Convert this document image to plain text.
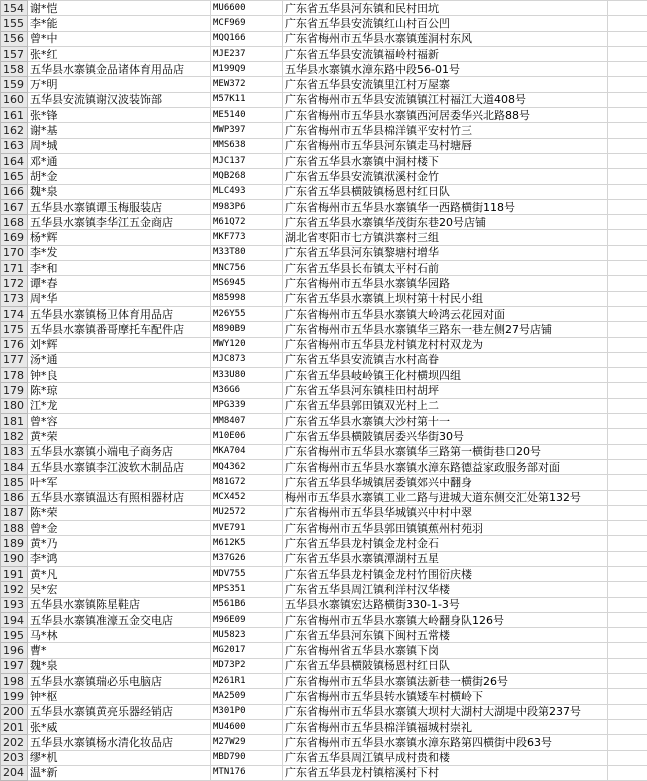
154	谢*恺	MU6600	广东省五华县河东镇和民村田坑	
155	李*能	MCF969	广东省五华县安流镇红山村百公凹	
156	曾*中	MQQ166	广东省梅州市五华县水寨镇莲洞村东风	
157	张*红	MJE237	广东省五华县安流镇福岭村福新	
158	五华县水寨镇金品诸体育用品店	M199Q9	五华县水寨镇水漳东路中段56-01号	
159	万*明	MEW372	广东省五华县安流镇里江村万屋寨	
160	五华县安流镇谢汉波装饰部	M57K11	广东省梅州市五华县安流镇镇江村福江大道408号	
161	张*锋	ME5140	广东省梅州市五华县水寨镇西河居委华兴北路88号	
162	谢*基	MWP397	广东省梅州市五华县棉洋镇平安村竹三	
163	周*城	MMS638	广东省梅州市五华县河东镇走马村塘唇	
164	邓*通	MJC137	广东省五华县水寨镇中洞村楼下	
165	胡*金	MQB268	广东省五华县安流镇洑溪村金竹	
166	魏*泉	MLC493	广东省五华县横陂镇杨恩村红日队	
167	五华县水寨镇谭玉梅服装店	M983P6	广东省梅州市五华县水寨镇华一西路横街118号	
168	五华县水寨镇李华江五金商店	M61Q72	广东省五华县水寨镇华茂街东巷20号店铺	
169	杨*辉	MKF773	湖北省枣阳市七方镇洪寨村三组	
170	李*发	M33T80	广东省五华县河东镇黎塘村增华	
171	李*和	MNC756	广东省五华县长布镇太平村石前	
172	谭*春	MS6945	广东省梅州市五华县水寨镇华园路	
173	周*华	M85998	广东省五华县水寨镇上坝村第十村民小组	
174	五华县水寨镇杨卫体育用品店	M26Y55	广东省梅州市五华县水寨镇大岭鸿云花园对面	
175	五华县水寨镇番哥摩托车配件店	M890B9	广东省梅州市五华县水寨镇华三路东一巷左侧27号店铺	
176	刘*辉	MWY120	广东省梅州市五华县龙村镇龙村村双龙为	
177	汤*通	MJC873	广东省五华县安流镇吉水村高眷	
178	钟*良	M33U80	广东省五华县岐岭镇王化村横坝四组	
179	陈*琼	M36G6	广东省五华县河东镇桂田村胡坪	
180	江*龙	MPG339	广东省五华县郭田镇双光村上二	
181	曾*容	MM8407	广东省五华县水寨镇大沙村第十一	
182	黄*荣	M10E06	广东省五华县横陂镇居委兴华街30号	
183	五华县水寨镇小端电子商务店	MKA704	广东省梅州市五华县水寨镇华三路第一横街巷口20号	
184	五华县水寨镇李江波软木制品店	MQ4362	广东省梅州市五华县水寨镇水漳东路德益家政服务部对面	
185	叶*军	M81G72	广东省五华县华城镇居委镇郊兴中翻身	
186	五华县水寨镇温达有照相器材店	MCX452	梅州市五华县水寨镇工业二路与进城大道东侧交汇处第132号	
187	陈*荣	MU2572	广东省梅州市五华县华城镇兴中村中翠	
188	曾*金	MVE791	广东省梅州市五华县郭田镇镇蕉州村苑羽	
189	黄*乃	M612K5	广东省五华县龙村镇金龙村金石	
190	李*鸿	M37G26	广东省五华县水寨镇潭湖村五星	
191	黄*凡	MDV755	广东省五华县龙村镇金龙村竹围衍庆楼	
192	吴*宏	MPS351	广东省五华县周江镇利洋村汉华楼	
193	五华县水寨镇陈星鞋店	M561B6	五华县水寨镇宏达路横街330-1-3号	
194	五华县水寨镇准濠五金交电店	M96E09	广东省梅州市五华县水寨镇大岭翻身队126号	
195	马*林	MU5823	广东省五华县河东镇下闽村五常楼	
196	曹*	MG2017	广东省梅州省五华县水寨镇下岗	
197	魏*泉	MD73P2	广东省五华县横陂镇杨恩村红日队	
198	五华县水寨镇瑞必乐电脑店	M261R1	广东省梅州市五华县水寨镇法新巷一横街26号	
199	钟*枢	MA2509	广东省梅州市五华县转水镇矮车村横岭下	
200	五华县水寨镇黄亮乐器经销店	M301P0	广东省梅州市五华县水寨镇大坝村大湖村大湖堤中段第237号	
201	张*威	MU4600	广东省梅州市五华县棉洋镇福城村崇礼	
202	五华县水寨镇杨水清化妆品店	M27W29	广东省梅州市五华县水寨镇水漳东路第四横街中段63号	
203	缪*机	MBD790	广东省五华县周江镇早成村贵和楼	
204	温*新	MTN176	广东省五华县龙村镇榕溪村下村	
